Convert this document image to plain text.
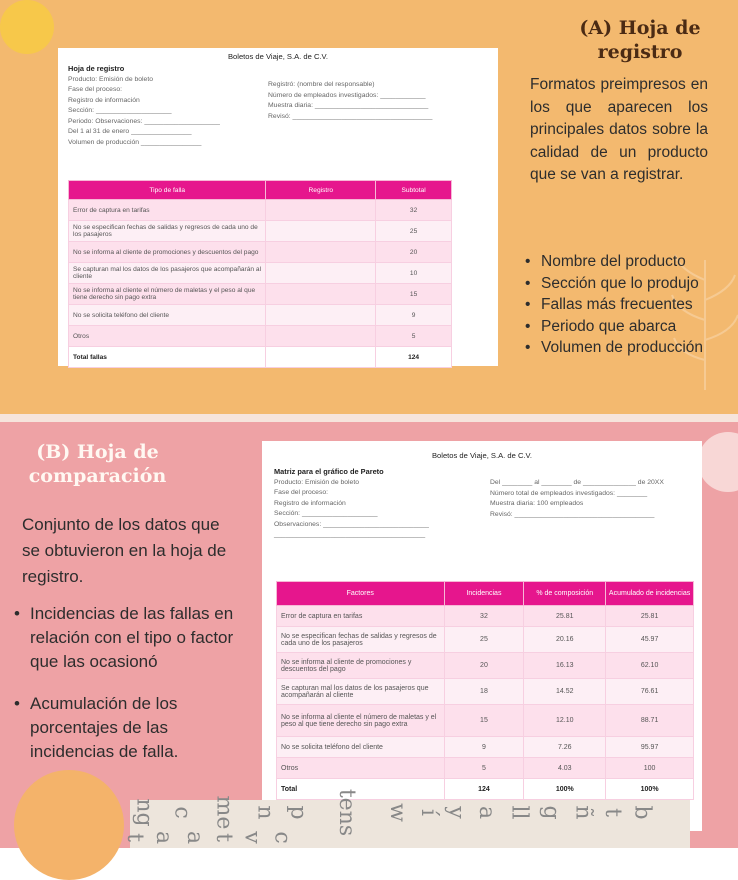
(A) Hoja de registro
Formatos preimpresos en los que aparecen los principales datos sobre la calidad de un producto que se van a registrar.
• Nombre del producto
• Sección que lo produjo
• Fallas más frecuentes
• Periodo que abarca
• Volumen de producción
Boletos de Viaje, S.A. de C.V.
Hoja de registro
Producto: Emisión de boleto
Fase del proceso:
Registro de información
Sección: ____________________
Periodo: Observaciones: ____________________
Del 1 al 31 de enero ________________
Volumen de producción ________________
Registró: (nombre del responsable)
Número de empleados investigados: ____________
Muestra diaria: ______________________________
Revisó: _____________________________________
Tipo de falla	Registro	Subtotal
Error de captura en tarifas		32
No se especifican fechas de salidas y regresos de cada uno de los pasajeros		25
No se informa al cliente de promociones y descuentos del pago		20
Se capturan mal los datos de los pasajeros que acompañarán al cliente		10
No se informa al cliente el número de maletas y el peso al que tiene derecho sin pago extra		15
No se solicita teléfono del cliente		9
Otros		5
Total fallas		124
(B) Hoja de comparación
Conjunto de los datos que se obtuvieron en la hoja de registro.
• Incidencias de las fallas en relación con el tipo o factor que las ocasionó
• Acumulación de los porcentajes de las incidencias de falla.
Boletos de Viaje, S.A. de C.V.
Matriz para el gráfico de Pareto
Producto: Emisión de boleto
Fase del proceso:
Registro de información
Sección: ____________________
Observaciones: ____________________________
________________________________________
Del ________ al ________ de ______________ de 20XX
Número total de empleados investigados: ________
Muestra diaria: 100 empleados
Revisó: _____________________________________
Factores	Incidencias	% de composición	Acumulado de incidencias
Error de captura en tarifas	32	25.81	25.81
No se especifican fechas de salidas y regresos de cada uno de los pasajeros	25	20.16	45.97
No se informa al cliente de promociones y descuentos del pago	20	16.13	62.10
Se capturan mal los datos de los pasajeros que acompañarán al cliente	18	14.52	76.61
No se informa al cliente el número de maletas y el peso al que tiene derecho sin pago extra	15	12.10	88.71
No se solicita teléfono del cliente	9	7.26	95.97
Otros	5	4.03	100
Total	124	100%	100%
ng c me n p tens w í y a ll g ñ t bt a a t v c
